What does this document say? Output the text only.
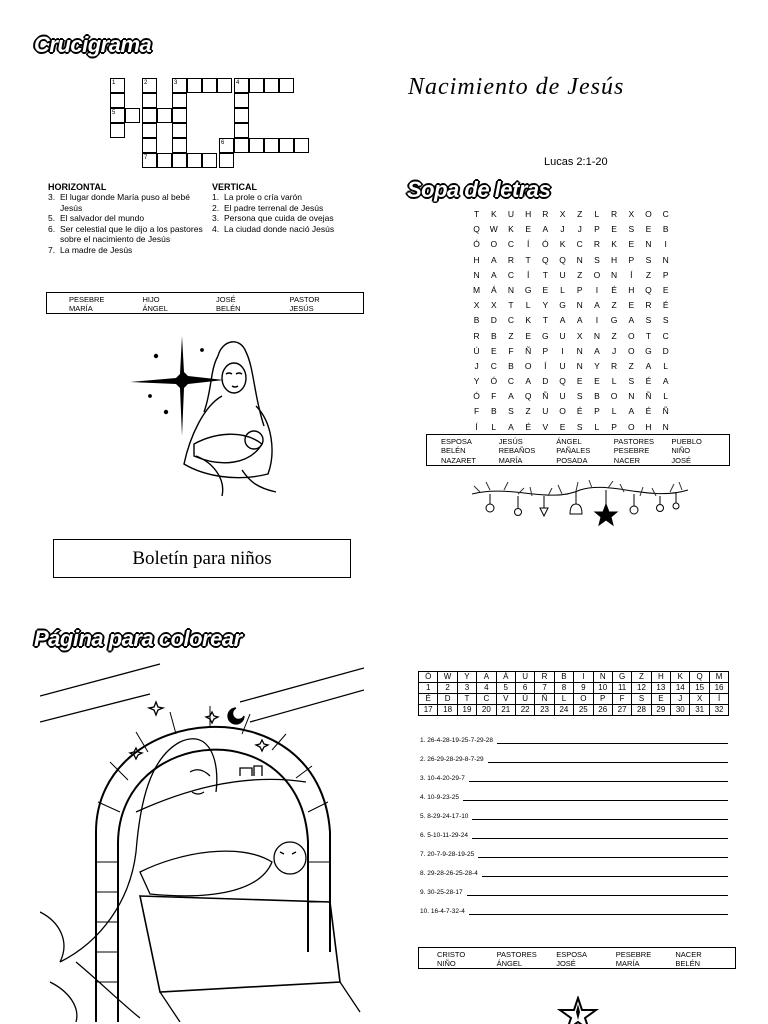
Crucigrama
1	2	3	4
5
6
7
HORIZONTAL
3. El lugar donde María puso al bebé Jesús
5. El salvador del mundo
6. Ser celestial que le dijo a los pastores sobre el nacimiento de Jesús
7. La madre de Jesús
VERTICAL
1. La prole o cría varón
2. El padre terrenal de Jesús
3. Persona que cuida de ovejas
4. La ciudad donde nació Jesús
PESEBRE	HIJO	JOSÉ	PASTOR
MARÍA	ÁNGEL	BELÉN	JESÚS
Boletín para niños
Nacimiento de Jesús
Lucas 2:1-20
Sopa de letras
T	K	U	H	R	X	Z	L	R	X	O	C
Q	W	K	E	A	J	J	P	E	S	E	B
Ó	O	C	Í	Ó	K	C	R	K	E	N	I
H	A	R	T	Q	Q	N	S	H	P	S	N
N	A	C	Í	T	U	Z	O	N	Í	Z	P
M	Á	N	G	E	L	P	I	É	H	Q	E
X	X	T	L	Y	G	N	A	Z	E	R	É
B	D	C	K	T	A	A	I	G	A	S	S
R	B	Z	E	G	U	X	N	Z	O	T	C
Ú	E	F	Ñ	P	I	N	A	J	O	G	D
J	C	B	O	Í	U	N	Y	R	Z	A	L
Y	Ó	C	A	D	Q	E	E	L	S	É	A
Ó	F	A	Q	Ñ	U	S	B	O	N	Ñ	L
F	B	S	Z	U	O	É	P	L	A	É	Ñ
Í	L	A	É	V	E	S	L	P	O	H	N
ESPOSA	JESÚS	ÁNGEL	PASTORES	PUEBLO
BELÉN	REBAÑOS	PAÑALES	PESEBRE	NIÑO
NAZARET	MARÍA	POSADA	NACER	JOSÉ
Página para colorear
Ó	W	Y	A	Á	U	R	B	I	N	G	Z	H	K	Q	M
1	2	3	4	5	6	7	8	9	10	11	12	13	14	15	16
É	D	T	C	V	Ú	Ñ	L	O	P	F	S	E	J	X	Í
17	18	19	20	21	22	23	24	25	26	27	28	29	30	31	32
1. 26-4-28-19-25-7-29-28
2. 26-29-28-29-8-7-29
3. 10-4-20-29-7
4. 10-9-23-25
5. 8-29-24-17-10
6. 5-10-11-29-24
7. 20-7-9-28-19-25
8. 29-28-26-25-28-4
9. 30-25-28-17
10. 16-4-7-32-4
CRISTO	PASTORES	ESPOSA	PESEBRE	NACER
NIÑO	ÁNGEL	JOSÉ	MARÍA	BELÉN
